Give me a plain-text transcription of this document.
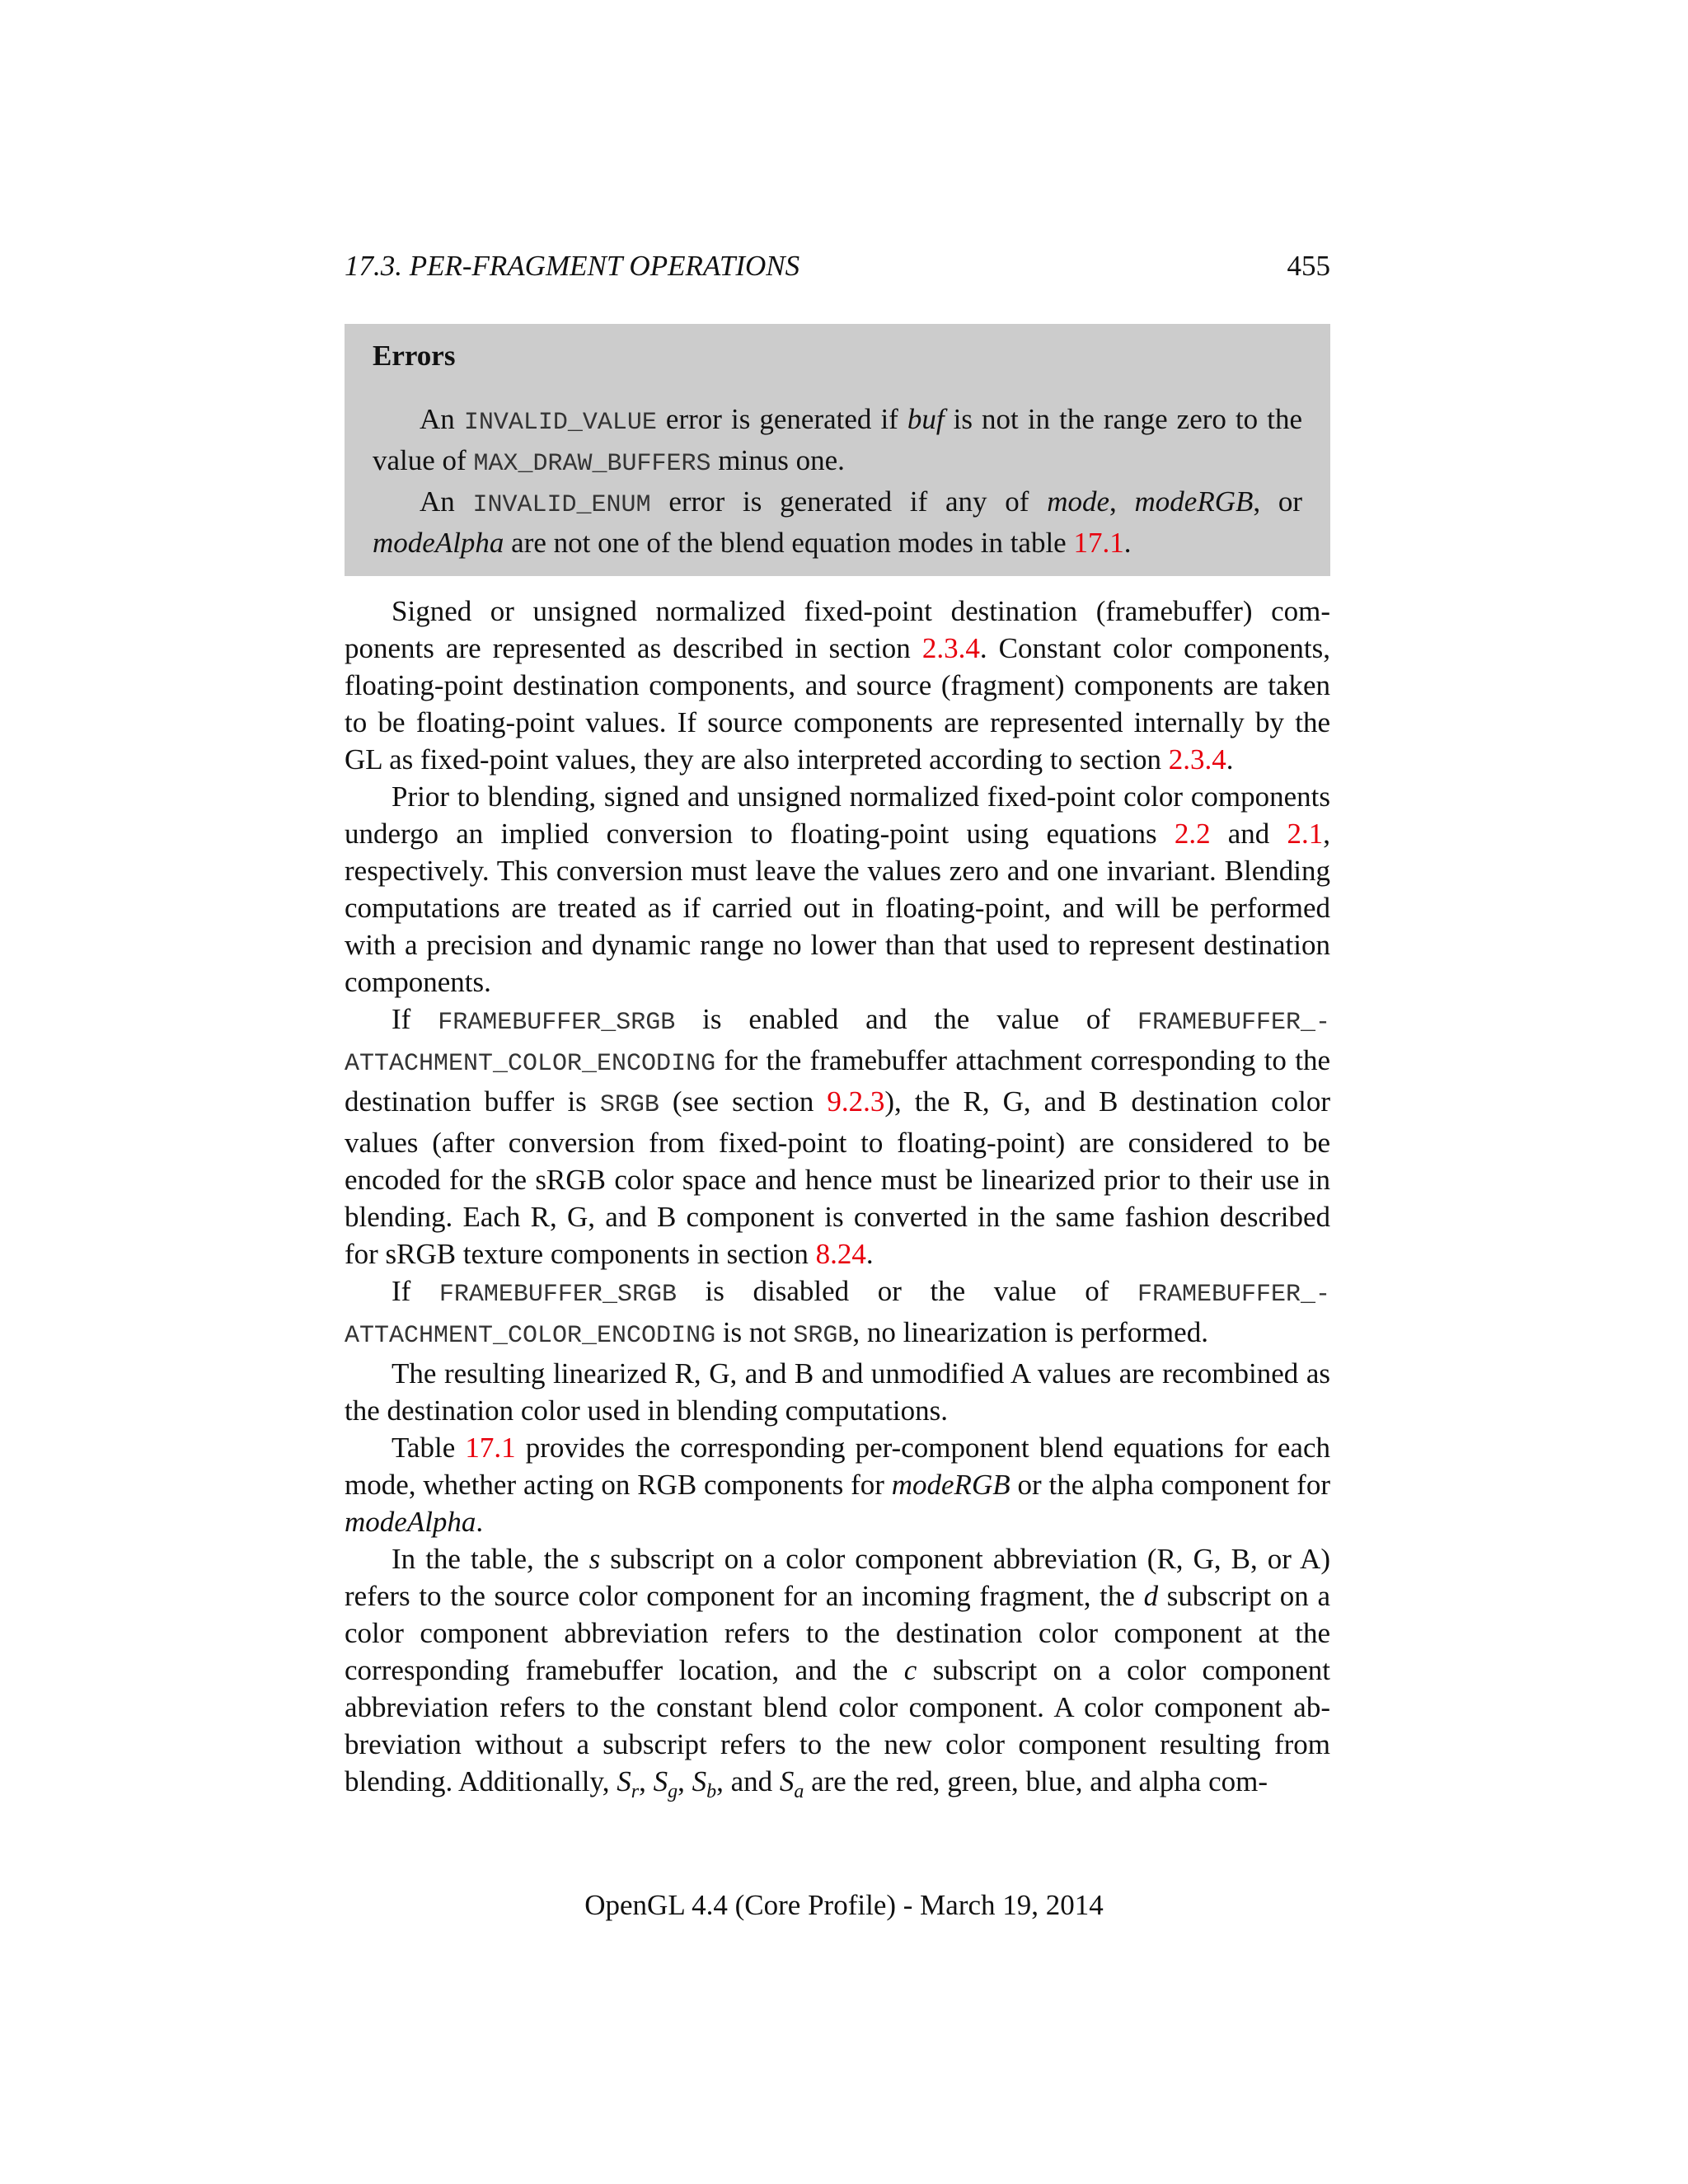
17.3. PER-FRAGMENT OPERATIONS	455
Errors

An INVALID_VALUE error is generated if buf is not in the range zero to the value of MAX_DRAW_BUFFERS minus one.

An INVALID_ENUM error is generated if any of mode, modeRGB, or modeAlpha are not one of the blend equation modes in table 17.1.

Signed or unsigned normalized fixed-point destination (framebuffer) components are represented as described in section 2.3.4. Constant color components, floating-point destination components, and source (fragment) components are taken to be floating-point values. If source components are represented internally by the GL as fixed-point values, they are also interpreted according to section 2.3.4.

Prior to blending, signed and unsigned normalized fixed-point color components undergo an implied conversion to floating-point using equations 2.2 and 2.1, respectively. This conversion must leave the values zero and one invariant. Blending computations are treated as if carried out in floating-point, and will be performed with a precision and dynamic range no lower than that used to represent destination components.

If FRAMEBUFFER_SRGB is enabled and the value of FRAMEBUFFER_-ATTACHMENT_COLOR_ENCODING for the framebuffer attachment corresponding to the destination buffer is SRGB (see section 9.2.3), the R, G, and B destination color values (after conversion from fixed-point to floating-point) are considered to be encoded for the sRGB color space and hence must be linearized prior to their use in blending. Each R, G, and B component is converted in the same fashion described for sRGB texture components in section 8.24.

If FRAMEBUFFER_SRGB is disabled or the value of FRAMEBUFFER_-ATTACHMENT_COLOR_ENCODING is not SRGB, no linearization is performed.

The resulting linearized R, G, and B and unmodified A values are recombined as the destination color used in blending computations.

Table 17.1 provides the corresponding per-component blend equations for each mode, whether acting on RGB components for modeRGB or the alpha component for modeAlpha.

In the table, the s subscript on a color component abbreviation (R, G, B, or A) refers to the source color component for an incoming fragment, the d subscript on a color component abbreviation refers to the destination color component at the corresponding framebuffer location, and the c subscript on a color component abbreviation refers to the constant blend color component. A color component abbreviation without a subscript refers to the new color component resulting from blending. Additionally, $S_r$, $S_g$, $S_b$, and $S_a$ are the red, green, blue, and alpha com-

OpenGL 4.4 (Core Profile) - March 19, 2014
